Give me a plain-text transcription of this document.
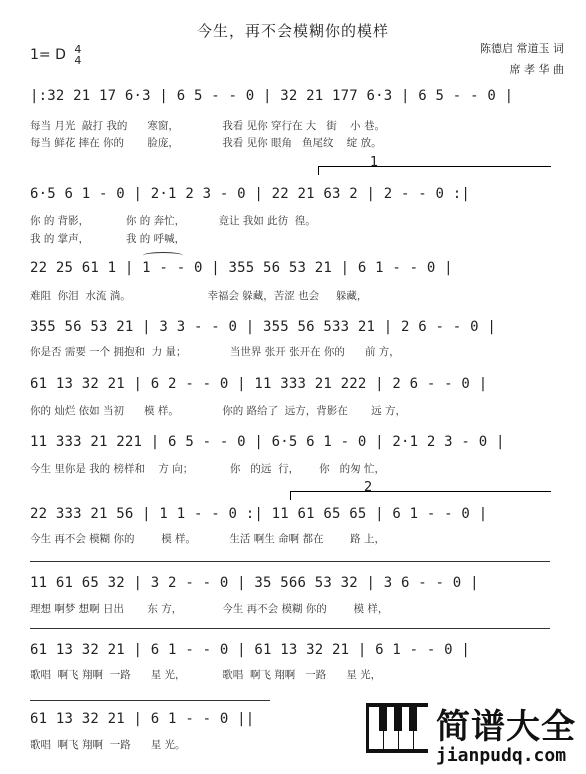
今生，再不会模糊你的模样
1= D 4
4
陈德启 常道玉 词
席 孝 华 曲
|:32 21 17 6·3 | 6 5 - - 0 | 32 21 177 6·3 | 6 5 - - 0 |
每当 月光  敲打 我的      寒窗，             我看 见你 穿行在 大   街    小 巷。
每当 鲜花 摔在 你的       脸庞，             我看 见你 眼角   鱼尾纹    绽 放。
1
6·5 6 1 - 0 | 2·1 2 3 - 0 | 22 21 63 2 | 2 - - 0 :|
你 的 背影，           你 的 奔忙，          竟让 我如 此彷  徨。
我 的 掌声，           我 的 呼喊，
22 25 61 1 | 1 - - 0 | 355 56 53 21 | 6 1 - - 0 |
难阻  你泪  水流 淌。                       幸福会 躲藏，苦涩 也会     躲藏，
355 56 53 21 | 3 3 - - 0 | 355 56 533 21 | 2 6 - - 0 |
你是否 需要 一个 拥抱和  力 量；             当世界 张开 张开在 你的      前 方，
61 13 32 21 | 6 2 - - 0 | 11 333 21 222 | 2 6 - - 0 |
你的 灿烂 依如 当初      模 样。             你的 路给了  远方，背影在       远 方，
11 333 21 221 | 6 5 - - 0 | 6·5 6 1 - 0 | 2·1 2 3 - 0 |
今生 里你是 我的 榜样和    方 向；           你   的远  行，      你   的匆 忙，
2
22 333 21 56 | 1 1 - - 0 :| 11 61 65 65 | 6 1 - - 0 |
今生 再不会 模糊 你的        模 样。          生活 啊生 命啊 都在        路 上，
11 61 65 32 | 3 2 - - 0 | 35 566 53 32 | 3 6 - - 0 |
理想 啊梦 想啊 日出       东 方，            今生 再不会 模糊 你的        模 样，
61 13 32 21 | 6 1 - - 0 | 61 13 32 21 | 6 1 - - 0 |
歌唱  啊飞 翔啊  一路      星 光，           歌唱  啊飞 翔啊   一路      星 光，
61 13 32 21 | 6 1 - - 0 ||
歌唱  啊飞 翔啊  一路      星 光。	简谱大全
jianpudq.com
